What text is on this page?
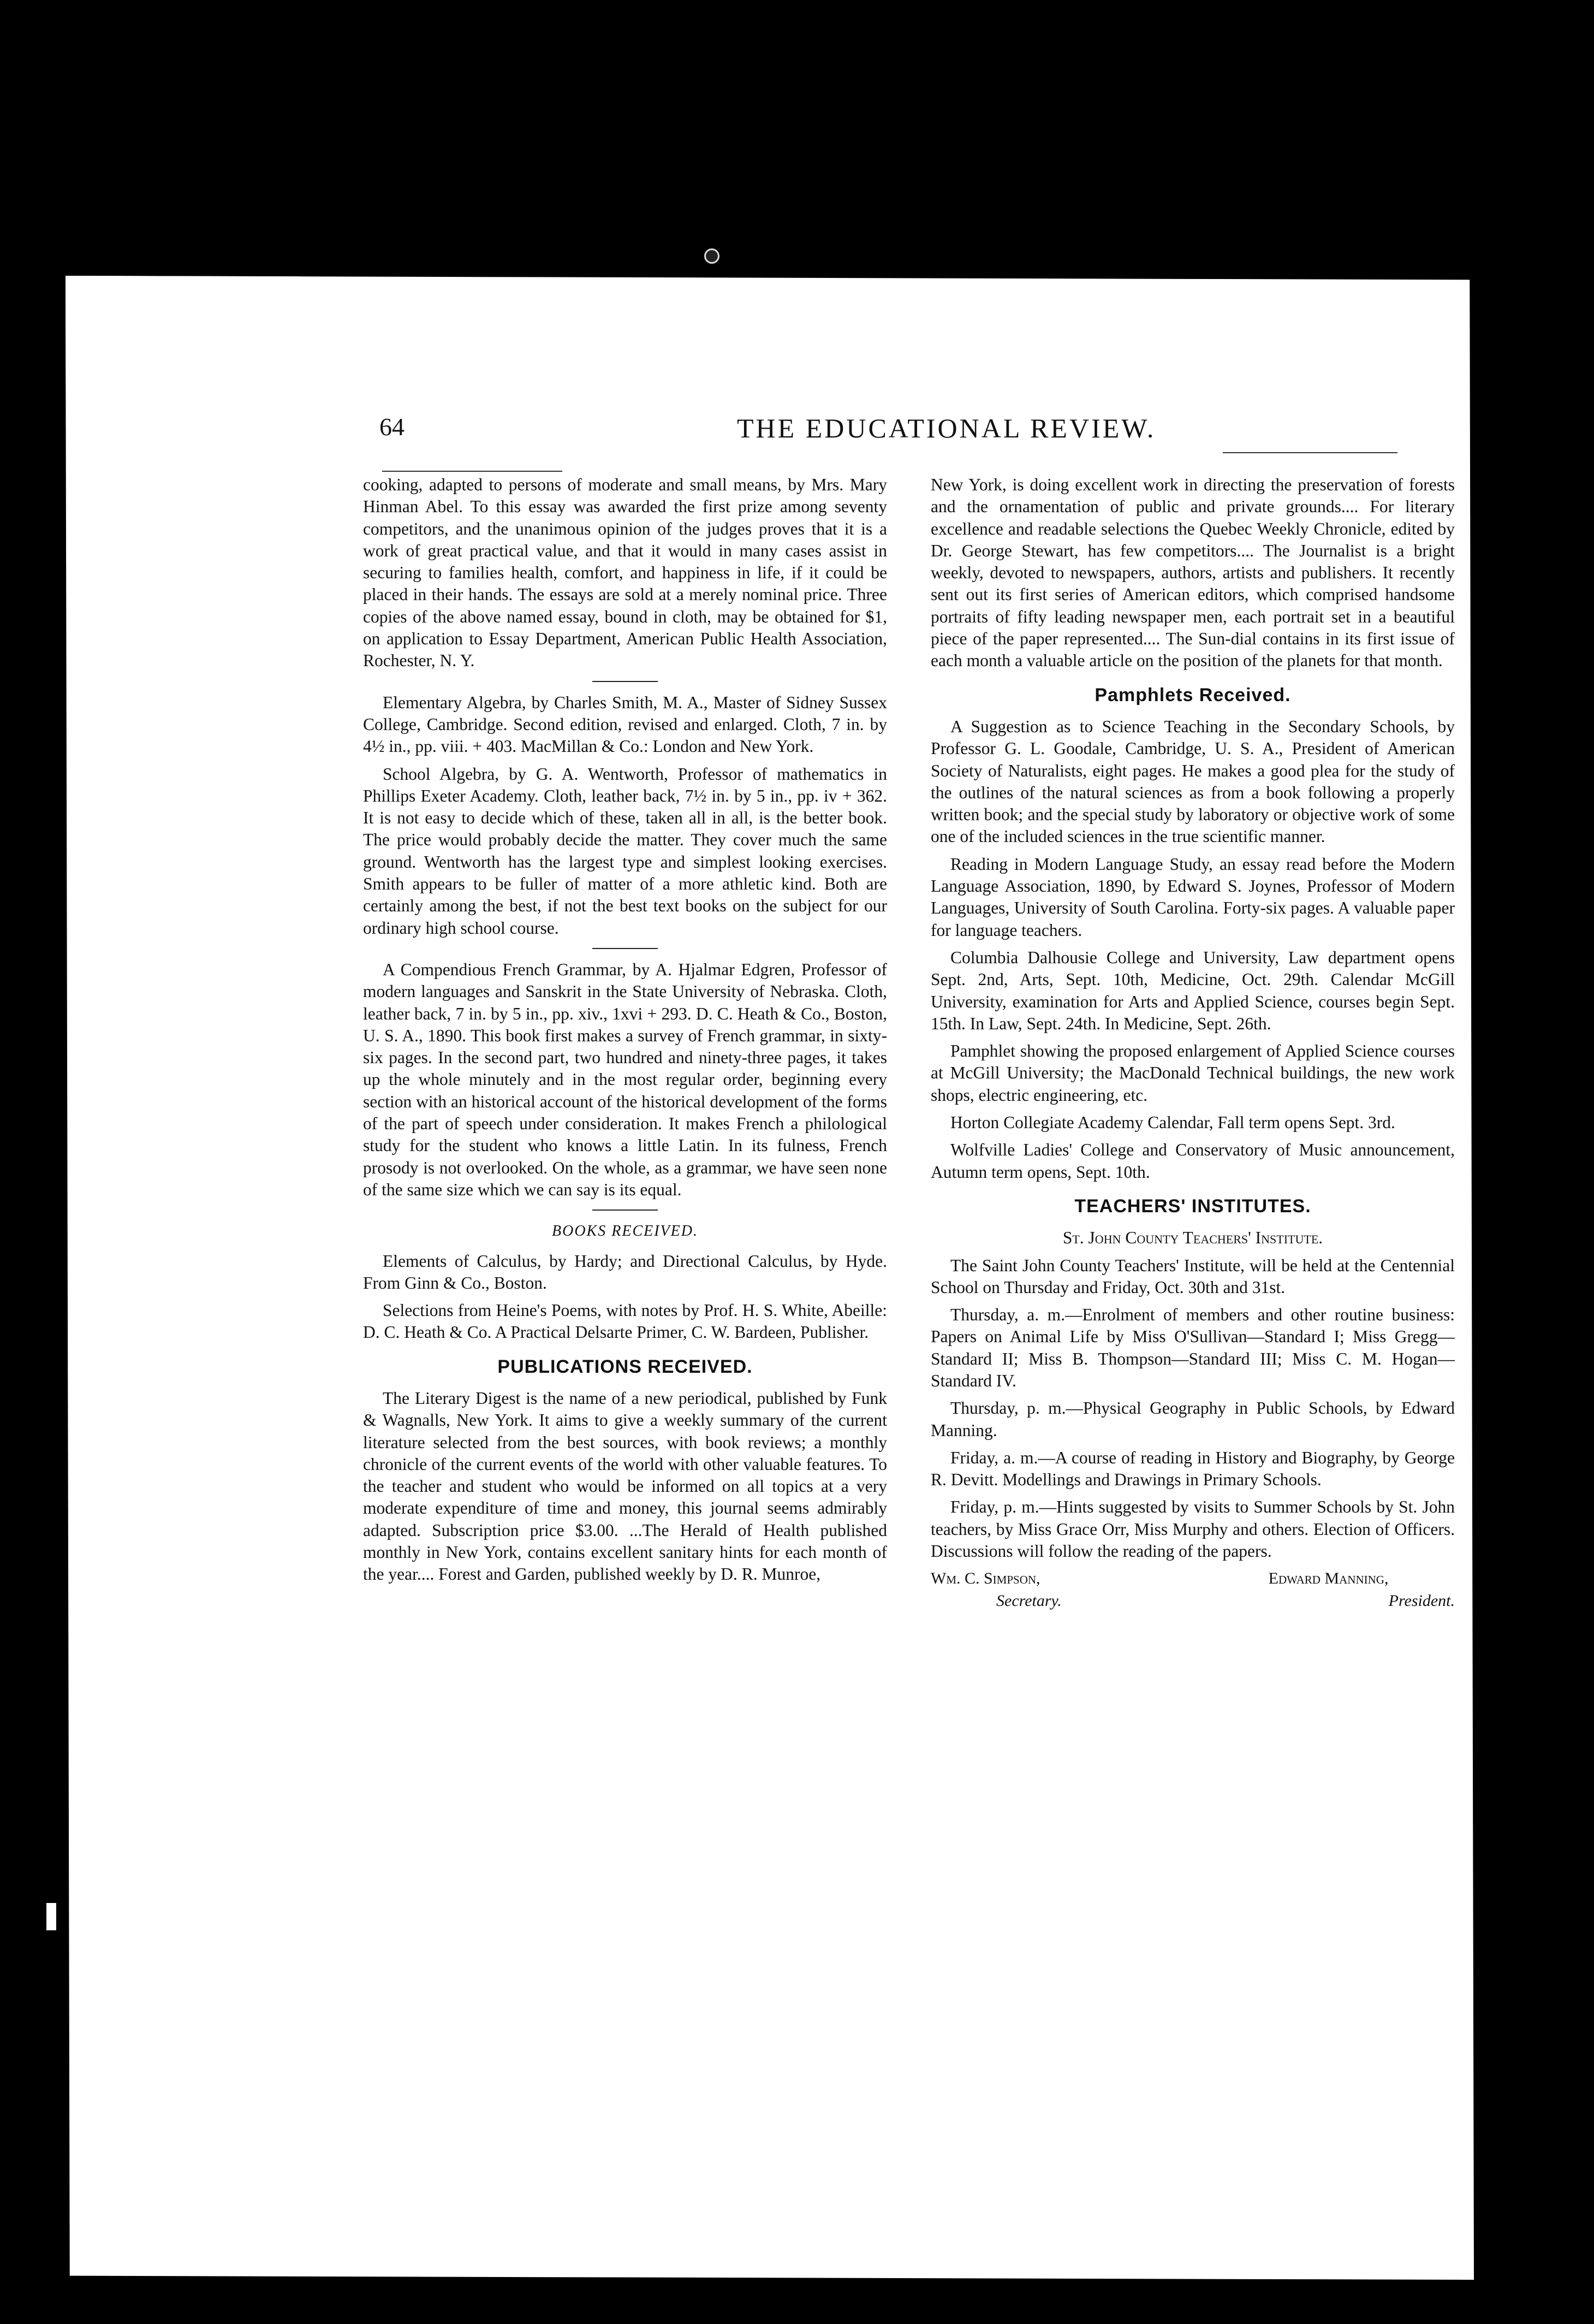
64	THE EDUCATIONAL REVIEW.

cooking, adapted to persons of moderate and small means, by Mrs. Mary Hinman Abel. To this essay was awarded the first prize among seventy competitors, and the unanimous opinion of the judges proves that it is a work of great practical value, and that it would in many cases assist in securing to families health, comfort, and happiness in life, if it could be placed in their hands. The essays are sold at a merely nominal price. Three copies of the above named essay, bound in cloth, may be obtained for $1, on application to Essay Department, American Public Health Association, Rochester, N. Y.

Elementary Algebra, by Charles Smith, M. A., Master of Sidney Sussex College, Cambridge. Second edition, revised and enlarged. Cloth, 7 in. by 4½ in., pp. viii. + 403. MacMillan & Co.: London and New York.

School Algebra, by G. A. Wentworth, Professor of mathematics in Phillips Exeter Academy. Cloth, leather back, 7½ in. by 5 in., pp. iv + 362. It is not easy to decide which of these, taken all in all, is the better book. The price would probably decide the matter. They cover much the same ground. Wentworth has the largest type and simplest looking exercises. Smith appears to be fuller of matter of a more athletic kind. Both are certainly among the best, if not the best text books on the subject for our ordinary high school course.

A Compendious French Grammar, by A. Hjalmar Edgren, Professor of modern languages and Sanskrit in the State University of Nebraska. Cloth, leather back, 7 in. by 5 in., pp. xiv., 1xvi + 293. D. C. Heath & Co., Boston, U. S. A., 1890. This book first makes a survey of French grammar, in sixty-six pages. In the second part, two hundred and ninety-three pages, it takes up the whole minutely and in the most regular order, beginning every section with an historical account of the historical development of the forms of the part of speech under consideration. It makes French a philological study for the student who knows a little Latin. In its fulness, French prosody is not overlooked. On the whole, as a grammar, we have seen none of the same size which we can say is its equal.

BOOKS RECEIVED.

Elements of Calculus, by Hardy; and Directional Calculus, by Hyde. From Ginn & Co., Boston.

Selections from Heine's Poems, with notes by Prof. H. S. White, Abeille: D. C. Heath & Co. A Practical Delsarte Primer, C. W. Bardeen, Publisher.

PUBLICATIONS RECEIVED.

The Literary Digest is the name of a new periodical, published by Funk & Wagnalls, New York. It aims to give a weekly summary of the current literature selected from the best sources, with book reviews; a monthly chronicle of the current events of the world with other valuable features. To the teacher and student who would be informed on all topics at a very moderate expenditure of time and money, this journal seems admirably adapted. Subscription price $3.00. ...The Herald of Health published monthly in New York, contains excellent sanitary hints for each month of the year.... Forest and Garden, published weekly by D. R. Munroe,

New York, is doing excellent work in directing the preservation of forests and the ornamentation of public and private grounds.... For literary excellence and readable selections the Quebec Weekly Chronicle, edited by Dr. George Stewart, has few competitors.... The Journalist is a bright weekly, devoted to newspapers, authors, artists and publishers. It recently sent out its first series of American editors, which comprised handsome portraits of fifty leading newspaper men, each portrait set in a beautiful piece of the paper represented.... The Sun-dial contains in its first issue of each month a valuable article on the position of the planets for that month.

Pamphlets Received.

A Suggestion as to Science Teaching in the Secondary Schools, by Professor G. L. Goodale, Cambridge, U. S. A., President of American Society of Naturalists, eight pages. He makes a good plea for the study of the outlines of the natural sciences as from a book following a properly written book; and the special study by laboratory or objective work of some one of the included sciences in the true scientific manner.

Reading in Modern Language Study, an essay read before the Modern Language Association, 1890, by Edward S. Joynes, Professor of Modern Languages, University of South Carolina. Forty-six pages. A valuable paper for language teachers.

Columbia Dalhousie College and University, Law department opens Sept. 2nd, Arts, Sept. 10th, Medicine, Oct. 29th. Calendar McGill University, examination for Arts and Applied Science, courses begin Sept. 15th. In Law, Sept. 24th. In Medicine, Sept. 26th.

Pamphlet showing the proposed enlargement of Applied Science courses at McGill University; the MacDonald Technical buildings, the new work shops, electric engineering, etc.

Horton Collegiate Academy Calendar, Fall term opens Sept. 3rd.

Wolfville Ladies' College and Conservatory of Music announcement, Autumn term opens, Sept. 10th.

TEACHERS' INSTITUTES.

St. John County Teachers' Institute.

The Saint John County Teachers' Institute, will be held at the Centennial School on Thursday and Friday, Oct. 30th and 31st.

Thursday, a. m.—Enrolment of members and other routine business: Papers on Animal Life by Miss O'Sullivan—Standard I; Miss Gregg—Standard II; Miss B. Thompson—Standard III; Miss C. M. Hogan—Standard IV.

Thursday, p. m.—Physical Geography in Public Schools, by Edward Manning.

Friday, a. m.—A course of reading in History and Biography, by George R. Devitt. Modellings and Drawings in Primary Schools.

Friday, p. m.—Hints suggested by visits to Summer Schools by St. John teachers, by Miss Grace Orr, Miss Murphy and others. Election of Officers. Discussions will follow the reading of the papers.

Wm. C. Simpson,
Secretary.
Edward Manning,
President.
